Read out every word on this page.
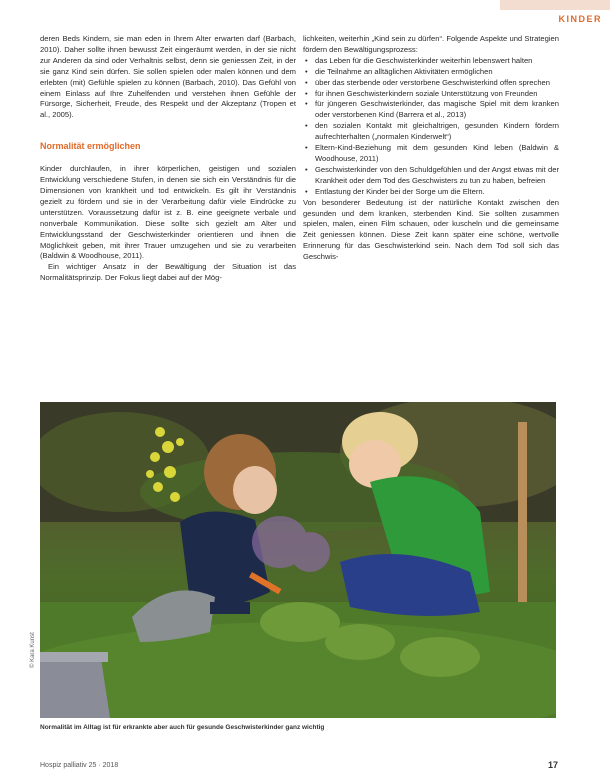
KINDER

deren Beds Kindern, sie man eden in Ihrem Alter erwarten darf (Barbach, 2010). Daher sollte ihnen bewusst Zeit eingeräumt werden, in der sie nicht zur Anderen da sind oder Verhaltnis selbst, denn sie geniessen Zeit, in der sie ganz Kind sein dürfen. Sie sollen spielen oder malen können und dem erlebten (mit) Gefühle spielen zu können (Barbach, 2010). Das Gefühl von einem Einlass auf Ihre Zuhelfenden und verstehen ihnen Gefühle der Fürsorge, Sicherheit, Freude, des Respekt und der Akzeptanz (Tropen et al., 2005).

Normalität ermöglichen

Kinder durchlaufen, in ihrer körperlichen, geistigen und sozialen Entwicklung verschiedene Stufen, in denen sie sich ein Verständnis für die Dimensionen von krankheit und tod entwickeln. Es gilt ihr Verständnis gezielt zu fördern und sie in der Verarbeitung dafür viele Eindrücke zu unterstützen. Voraussetzung dafür ist z. B. eine geeignete verbale und nonverbale Kommunikation. Diese sollte sich gezielt am Alter und Entwicklungsstand der Geschwisterkinder orientieren und ihnen die Möglichkeit geben, mit ihrer Trauer umzugehen und sie zu verarbeiten (Baldwin & Woodhouse, 2011).

Ein wichtiger Ansatz in der Bewältigung der Situation ist das Normalitätsprinzip. Der Fokus liegt dabei auf der Mög-

lichkeiten, weiterhin „Kind sein zu dürfen“. Folgende Aspekte und Strategien fördern den Bewältigungsprozess:

• das Leben für die Geschwisterkinder weiterhin lebenswert halten
• die Teilnahme an alltäglichen Aktivitäten ermöglichen
• über das sterbende oder verstorbene Geschwisterkind offen sprechen
• für ihnen Geschwisterkindern soziale Unterstützung von Freunden
• für jüngeren Geschwisterkinder, das magische Spiel mit dem kranken oder verstorbenen Kind (Barrera et al., 2013)
• den sozialen Kontakt mit gleichaltrigen, gesunden Kindern fördern aufrechterhalten („normalen Kinderwelt“)
• Eltern-Kind-Beziehung mit dem gesunden Kind leben (Baldwin & Woodhouse, 2011)
• Geschwisterkinder von den Schuldgefühlen und der Angst etwas mit der Krankheit oder dem Tod des Geschwisters zu tun zu haben, befreien
• Entlastung der Kinder bei der Sorge um die Eltern.

Von besonderer Bedeutung ist der natürliche Kontakt zwischen den gesunden und dem kranken, sterbenden Kind. Sie sollten zusammen spielen, malen, einen Film schauen, oder kuscheln und die gemeinsame Zeit geniessen können. Diese Zeit kann später eine schöne, wertvolle Erinnerung für das Geschwisterkind sein. Nach dem Tod soll sich das Geschwis-

© Kara Kunst
Normalität im Alltag ist für erkrankte aber auch für gesunde Geschwisterkinder ganz wichtig
Hospiz palliativ 25 · 2018	17
